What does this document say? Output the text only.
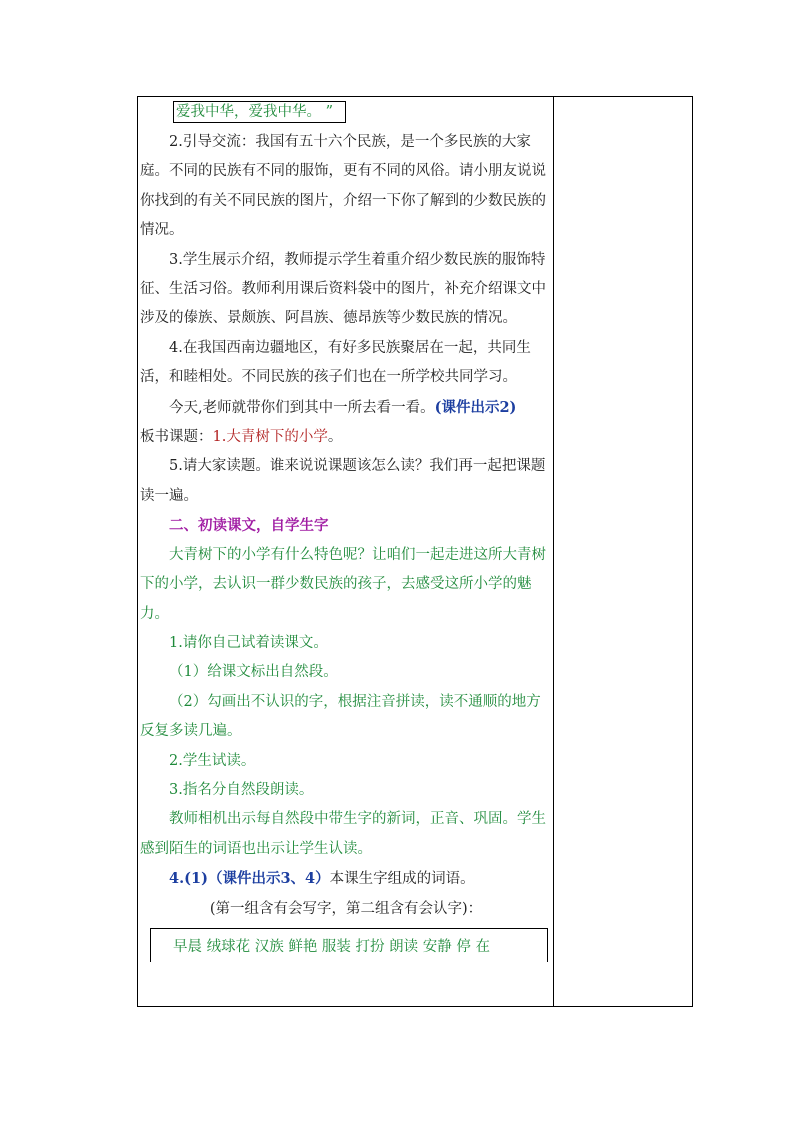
爱我中华，爱我中华。 ”

2.引导交流：我国有五十六个民族，是一个多民族的大家庭。不同的民族有不同的服饰，更有不同的风俗。请小朋友说说你找到的有关不同民族的图片，介绍一下你了解到的少数民族的情况。

3.学生展示介绍，教师提示学生着重介绍少数民族的服饰特征、生活习俗。教师利用课后资料袋中的图片，补充介绍课文中涉及的傣族、景颇族、阿昌族、德昂族等少数民族的情况。

4.在我国西南边疆地区，有好多民族聚居在一起，共同生活，和睦相处。不同民族的孩子们也在一所学校共同学习。

今天,老师就带你们到其中一所去看一看。(课件出示2)

板书课题：1.大青树下的小学。

5.请大家读题。谁来说说课题该怎么读？我们再一起把课题读一遍。

二、初读课文，自学生字

大青树下的小学有什么特色呢？让咱们一起走进这所大青树下的小学，去认识一群少数民族的孩子，去感受这所小学的魅力。

1.请你自己试着读课文。

（1）给课文标出自然段。

（2）勾画出不认识的字，根据注音拼读，读不通顺的地方反复多读几遍。

2.学生试读。

3.指名分自然段朗读。

教师相机出示每自然段中带生字的新词，正音、巩固。学生感到陌生的词语也出示让学生认读。

4.(1)（课件出示3、4）本课生字组成的词语。

(第一组含有会写字，第二组含有会认字)：

早晨 绒球花 汉族 鲜艳 服装 打扮 朗读 安静 停 在
